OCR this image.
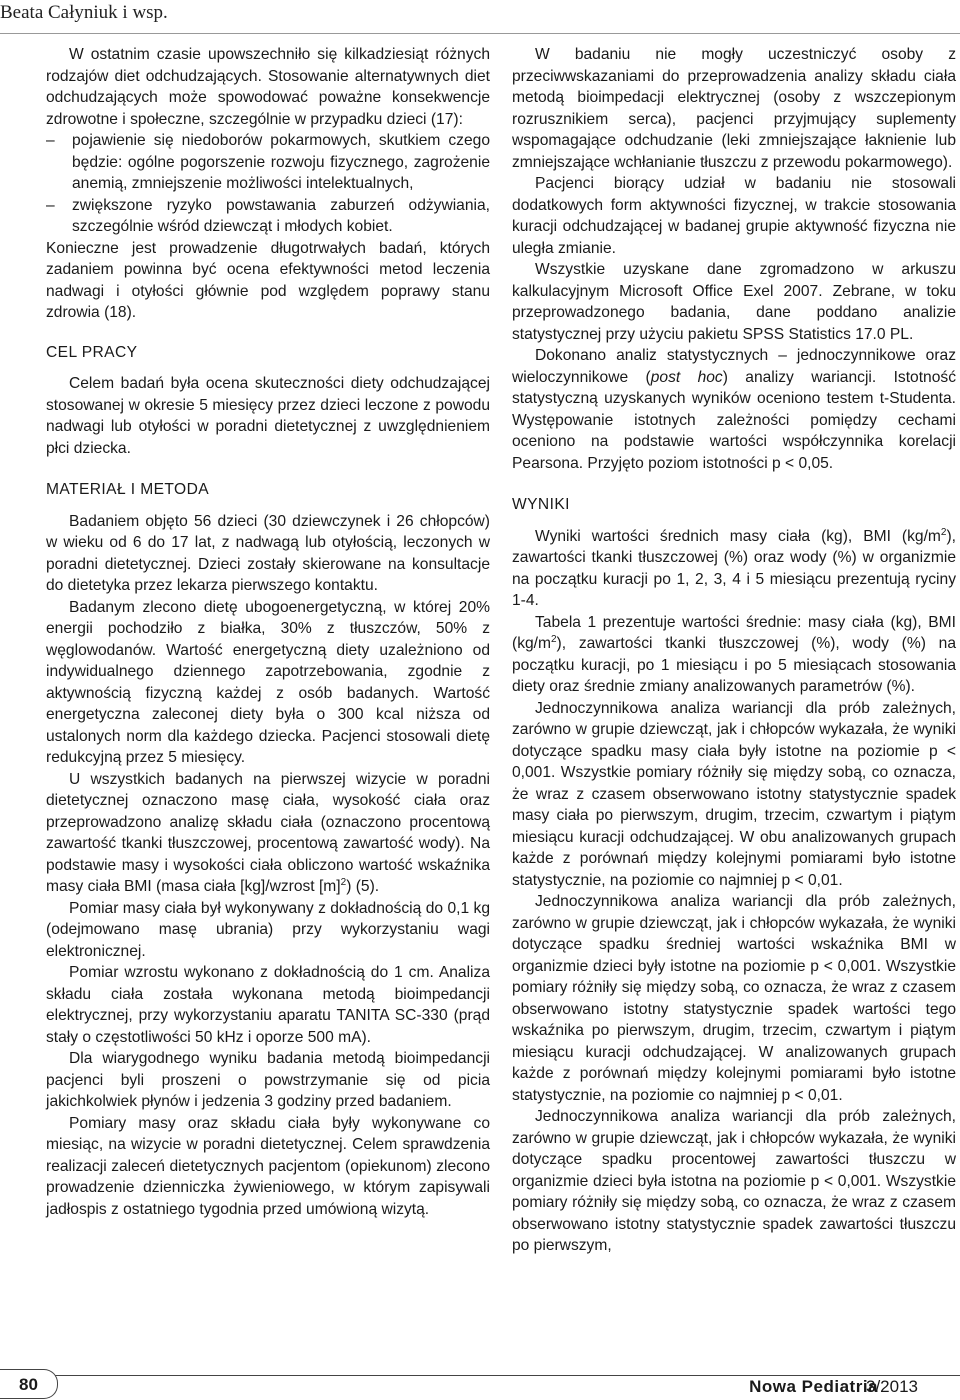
Beata Całyniuk i wsp.

W ostatnim czasie upowszechniło się kilkadziesiąt różnych rodzajów diet odchudzających. Stosowanie alternatywnych diet odchudzających może spowodować poważne konsekwencje zdrowotne i społeczne, szczególnie w przypadku dzieci (17):

– pojawienie się niedoborów pokarmowych, skutkiem czego będzie: ogólne pogorszenie rozwoju fizycznego, zagrożenie anemią, zmniejszenie możliwości intelektualnych,
– zwiększone ryzyko powstawania zaburzeń odżywiania, szczególnie wśród dziewcząt i młodych kobiet.

Konieczne jest prowadzenie długotrwałych badań, których zadaniem powinna być ocena efektywności metod leczenia nadwagi i otyłości głównie pod względem poprawy stanu zdrowia (18).

CEL PRACY

Celem badań była ocena skuteczności diety odchudzającej stosowanej w okresie 5 miesięcy przez dzieci leczone z powodu nadwagi lub otyłości w poradni dietetycznej z uwzględnieniem płci dziecka.

MATERIAŁ I METODA

Badaniem objęto 56 dzieci (30 dziewczynek i 26 chłopców) w wieku od 6 do 17 lat, z nadwagą lub otyłością, leczonych w poradni dietetycznej. Dzieci zostały skierowane na konsultacje do dietetyka przez lekarza pierwszego kontaktu.

Badanym zlecono dietę ubogoenergetyczną, w której 20% energii pochodziło z białka, 30% z tłuszczów, 50% z węglowodanów. Wartość energetyczną diety uzależniono od indywidualnego dziennego zapotrzebowania, zgodnie z aktywnością fizyczną każdej z osób badanych. Wartość energetyczna zaleconej diety była o 300 kcal niższa od ustalonych norm dla każdego dziecka. Pacjenci stosowali dietę redukcyjną przez 5 miesięcy.

U wszystkich badanych na pierwszej wizycie w poradni dietetycznej oznaczono masę ciała, wysokość ciała oraz przeprowadzono analizę składu ciała (oznaczono procentową zawartość tkanki tłuszczowej, procentową zawartość wody). Na podstawie masy i wysokości ciała obliczono wartość wskaźnika masy ciała BMI (masa ciała [kg]/wzrost $[m]^2$) (5).

Pomiar masy ciała był wykonywany z dokładnością do 0,1 kg (odejmowano masę ubrania) przy wykorzystaniu wagi elektronicznej.

Pomiar wzrostu wykonano z dokładnością do 1 cm. Analiza składu ciała została wykonana metodą bioimpedancji elektrycznej, przy wykorzystaniu aparatu TANITA SC-330 (prąd stały o częstotliwości 50 kHz i oporze 500 mA).

Dla wiarygodnego wyniku badania metodą bioimpedancji pacjenci byli proszeni o powstrzymanie się od picia jakichkolwiek płynów i jedzenia 3 godziny przed badaniem.

Pomiary masy oraz składu ciała były wykonywane co miesiąc, na wizycie w poradni dietetycznej. Celem sprawdzenia realizacji zaleceń dietetycznych pacjentom (opiekunom) zlecono prowadzenie dzienniczka żywieniowego, w którym zapisywali jadłospis z ostatniego tygodnia przed umówioną wizytą.

W badaniu nie mogły uczestniczyć osoby z przeciwwskazaniami do przeprowadzenia analizy składu ciała metodą bioimpedacji elektrycznej (osoby z wszczepionym rozrusznikiem serca), pacjenci przyjmujący suplementy wspomagające odchudzanie (leki zmniejszające łaknienie lub zmniejszające wchłanianie tłuszczu z przewodu pokarmowego).

Pacjenci biorący udział w badaniu nie stosowali dodatkowych form aktywności fizycznej, w trakcie stosowania kuracji odchudzającej w badanej grupie aktywność fizyczna nie uległa zmianie.

Wszystkie uzyskane dane zgromadzono w arkuszu kalkulacyjnym Microsoft Office Exel 2007. Zebrane, w toku przeprowadzonego badania, dane poddano analizie statystycznej przy użyciu pakietu SPSS Statistics 17.0 PL.

Dokonano analiz statystycznych – jednoczynnikowe oraz wieloczynnikowe (post hoc) analizy wariancji. Istotność statystyczną uzyskanych wyników oceniono testem t-Studenta. Występowanie istotnych zależności pomiędzy cechami oceniono na podstawie wartości współczynnika korelacji Pearsona. Przyjęto poziom istotności p < 0,05.

WYNIKI

Wyniki wartości średnich masy ciała (kg), BMI $(kg/m^2)$, zawartości tkanki tłuszczowej (%) oraz wody (%) w organizmie na początku kuracji po 1, 2, 3, 4 i 5 miesiącu prezentują ryciny 1-4.

Tabela 1 prezentuje wartości średnie: masy ciała (kg), BMI $(kg/m^2)$, zawartości tkanki tłuszczowej (%), wody (%) na początku kuracji, po 1 miesiącu i po 5 miesiącach stosowania diety oraz średnie zmiany analizowanych parametrów (%).

Jednoczynnikowa analiza wariancji dla prób zależnych, zarówno w grupie dziewcząt, jak i chłopców wykazała, że wyniki dotyczące spadku masy ciała były istotne na poziomie p < 0,001. Wszystkie pomiary różniły się między sobą, co oznacza, że wraz z czasem obserwowano istotny statystycznie spadek masy ciała po pierwszym, drugim, trzecim, czwartym i piątym miesiącu kuracji odchudzającej. W obu analizowanych grupach każde z porównań między kolejnymi pomiarami było istotne statystycznie, na poziomie co najmniej p < 0,01.

Jednoczynnikowa analiza wariancji dla prób zależnych, zarówno w grupie dziewcząt, jak i chłopców wykazała, że wyniki dotyczące spadku średniej wartości wskaźnika BMI w organizmie dzieci były istotne na poziomie p < 0,001. Wszystkie pomiary różniły się między sobą, co oznacza, że wraz z czasem obserwowano istotny statystycznie spadek wartości tego wskaźnika po pierwszym, drugim, trzecim, czwartym i piątym miesiącu kuracji odchudzającej. W analizowanych grupach każde z porównań między kolejnymi pomiarami było istotne statystycznie, na poziomie co najmniej p < 0,01.

Jednoczynnikowa analiza wariancji dla prób zależnych, zarówno w grupie dziewcząt, jak i chłopców wykazała, że wyniki dotyczące spadku procentowej zawartości tłuszczu w organizmie dzieci była istotna na poziomie p < 0,001. Wszystkie pomiary różniły się między sobą, co oznacza, że wraz z czasem obserwowano istotny statystycznie spadek zawartości tłuszczu po pierwszym,

80	Nowa Pediatria
3/2013
